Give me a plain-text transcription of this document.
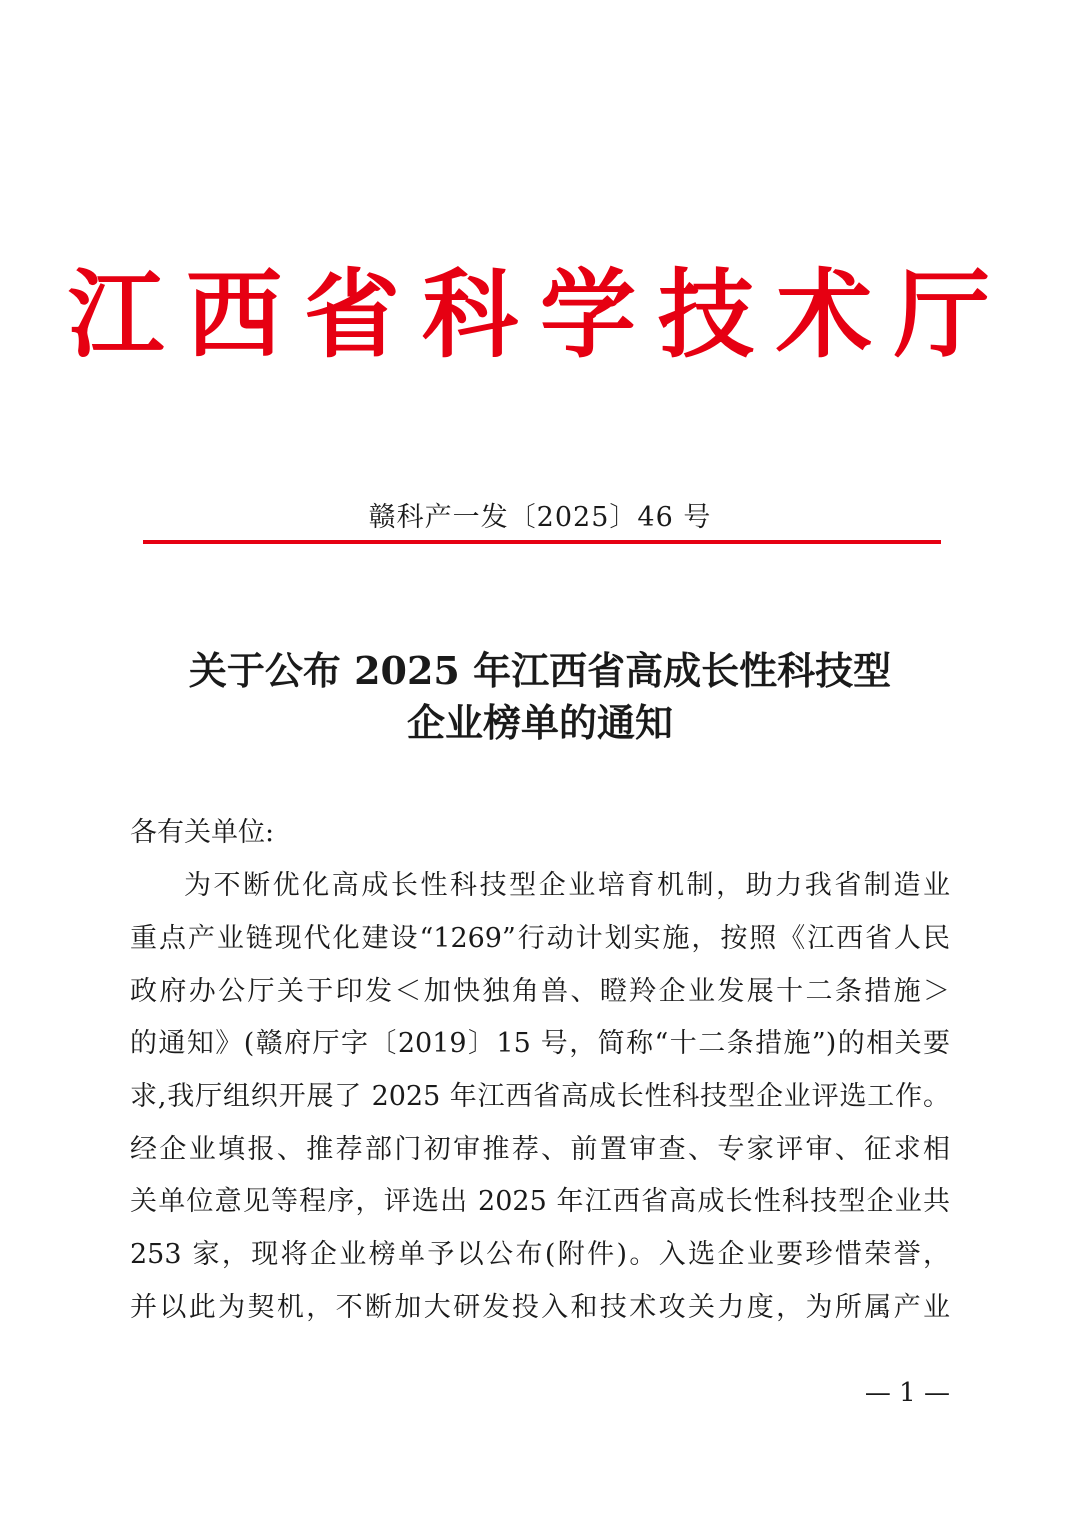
江西省科学技术厅
赣科产一发〔2025〕46 号
关于公布 2025 年江西省高成长性科技型
企业榜单的通知
各有关单位:
为不断优化高成长性科技型企业培育机制，助力我省制造业
重点产业链现代化建设“1269”行动计划实施，按照《江西省人民
政府办公厅关于印发＜加快独角兽、瞪羚企业发展十二条措施＞
的通知》(赣府厅字〔2019〕15 号，简称“十二条措施”)的相关要
求,我厅组织开展了 2025 年江西省高成长性科技型企业评选工作。
经企业填报、推荐部门初审推荐、前置审查、专家评审、征求相
关单位意见等程序，评选出 2025 年江西省高成长性科技型企业共
253 家，现将企业榜单予以公布(附件)。入选企业要珍惜荣誉，
并以此为契机，不断加大研发投入和技术攻关力度，为所属产业
— 1 —
